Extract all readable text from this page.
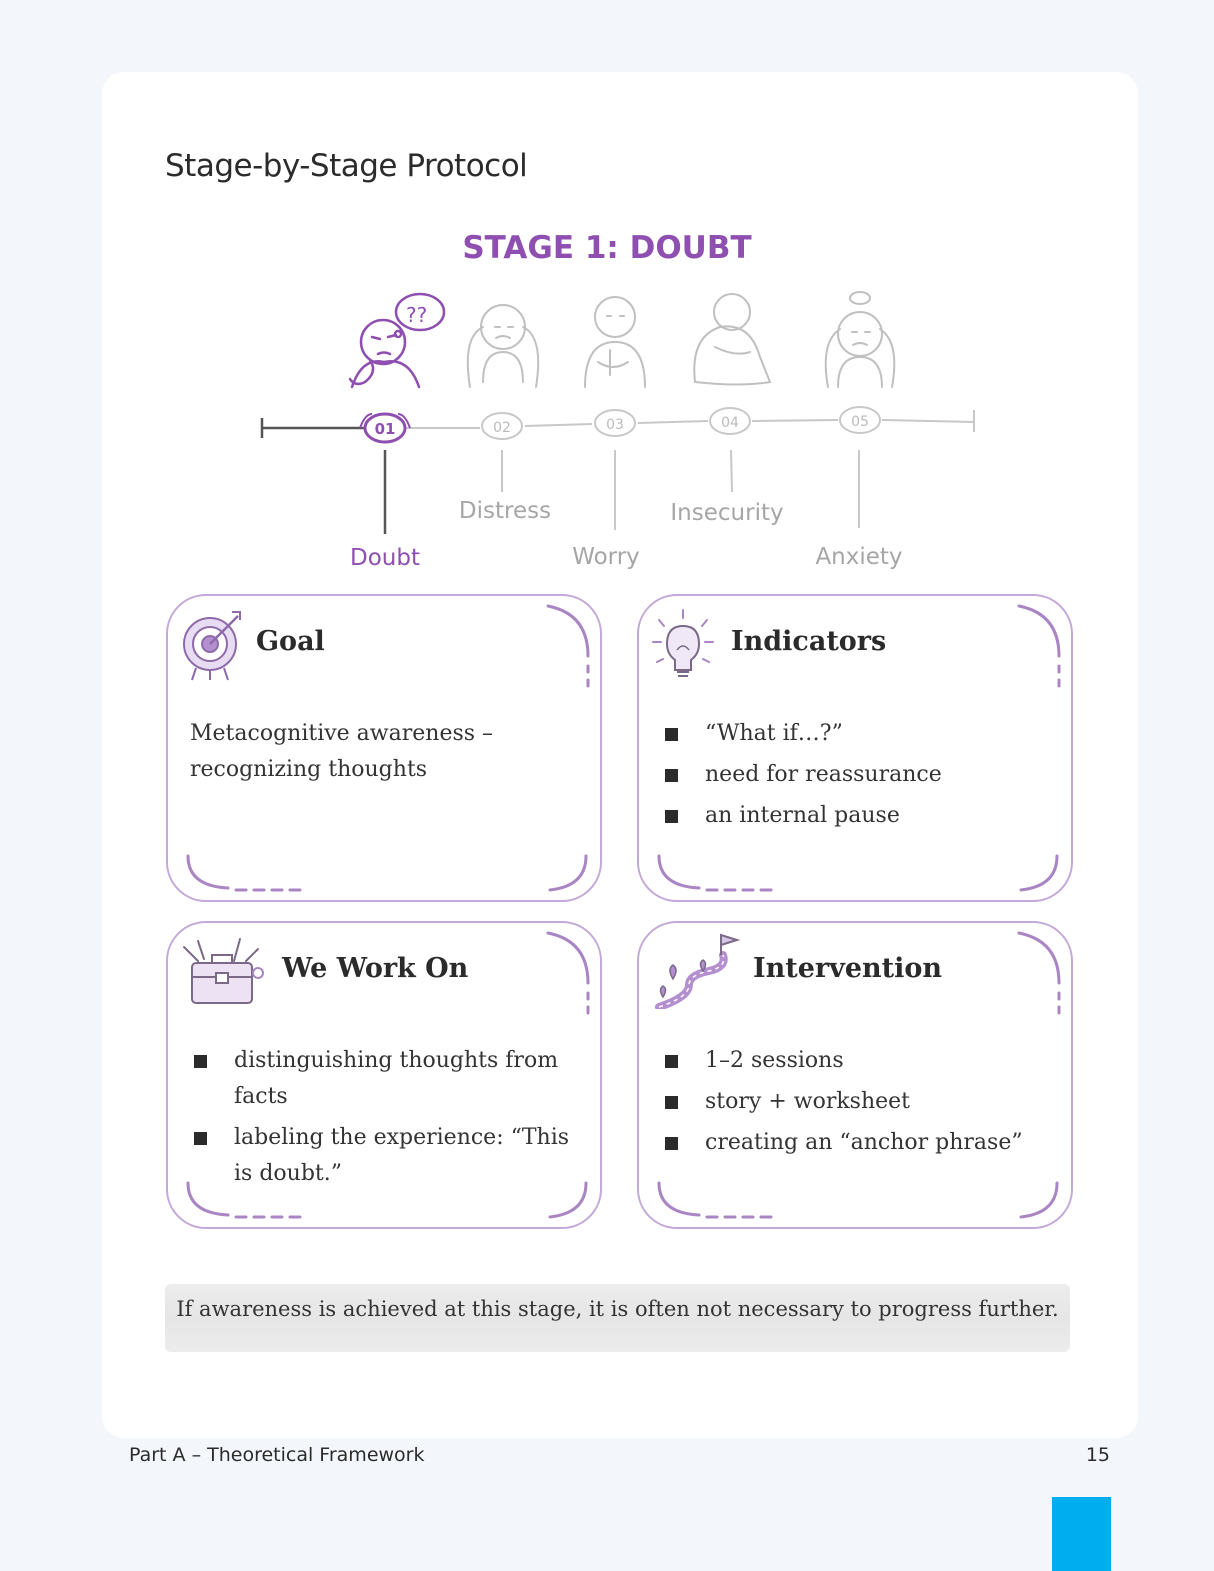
Stage-by-Stage Protocol
STAGE 1: DOUBT
??
01	02	03	04	05
Doubt
Distress
Worry
Insecurity
Anxiety
Goal
Metacognitive awareness – recognizing thoughts
Indicators
“What if…?”
need for reassurance
an internal pause
We Work On
distinguishing thoughts from facts
labeling the experience: “This is doubt.”
Intervention
1–2 sessions
story + worksheet
creating an “anchor phrase”
If awareness is achieved at this stage, it is often not necessary to progress further.
Part A – Theoretical Framework	15
